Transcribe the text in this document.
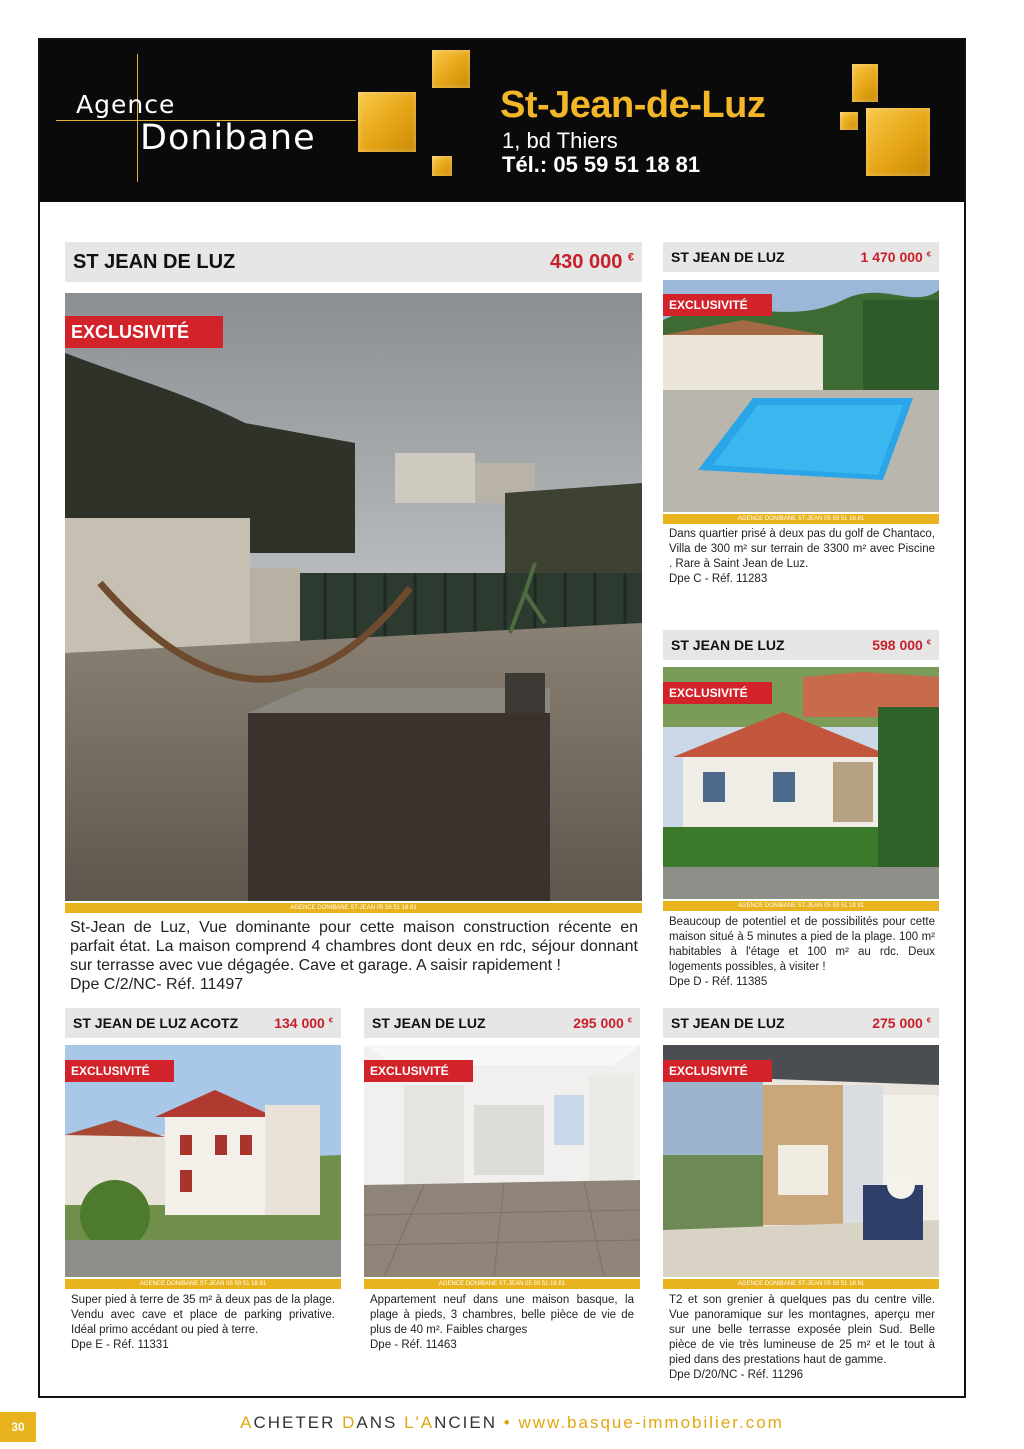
Agence
Donibane
St-Jean-de-Luz
1, bd Thiers
Tél.: 05 59 51 18 81
ST JEAN DE LUZ	430 000 €
EXCLUSIVITÉ
AGENCE DONIBANE ST-JEAN 05 59 51 18 81

St-Jean de Luz, Vue dominante pour cette maison construction récente en parfait état. La maison comprend 4 chambres dont deux en rdc, séjour donnant sur terrasse avec vue dégagée. Cave et garage. A saisir rapidement !

Dpe C/2/NC- Réf. 11497

ST JEAN DE LUZ	1 470 000 €
EXCLUSIVITÉ
AGENCE DONIBANE ST-JEAN 05 59 51 18 81

Dans quartier prisé à deux pas du golf de Chantaco, Villa de 300 m² sur terrain de 3300 m² avec Piscine . Rare à Saint Jean de Luz.

Dpe C - Réf. 11283

ST JEAN DE LUZ	598 000 €
EXCLUSIVITÉ
AGENCE DONIBANE ST-JEAN 05 59 51 18 81

Beaucoup de potentiel et de possibilités pour cette maison situé à 5 minutes a pied de la plage. 100 m² habitables à l'étage et 100 m² au rdc. Deux logements possibles, à visiter !

Dpe D - Réf. 11385

ST JEAN DE LUZ ACOTZ	134 000 €
EXCLUSIVITÉ
AGENCE DONIBANE ST-JEAN 05 59 51 18 81

Super pied à terre de 35 m² à deux pas de la plage. Vendu avec cave et place de parking privative. Idéal primo accédant ou pied à terre.

Dpe E - Réf. 11331

ST JEAN DE LUZ	295 000 €
EXCLUSIVITÉ
AGENCE DONIBANE ST-JEAN 05 59 51 18 81

Appartement neuf dans une maison basque, la plage à pieds, 3 chambres, belle pièce de vie de plus de 40 m². Faibles charges

Dpe - Réf. 11463

ST JEAN DE LUZ	275 000 €
EXCLUSIVITÉ
AGENCE DONIBANE ST-JEAN 05 59 51 18 81

T2 et son grenier à quelques pas du centre ville. Vue panoramique sur les montagnes, aperçu mer sur une belle terrasse exposée plein Sud. Belle pièce de vie très lumineuse de 25 m² et le tout à pied dans des prestations haut de gamme.

Dpe D/20/NC - Réf. 11296

30	ACHETER DANS L'ANCIEN • www.basque-immobilier.com
